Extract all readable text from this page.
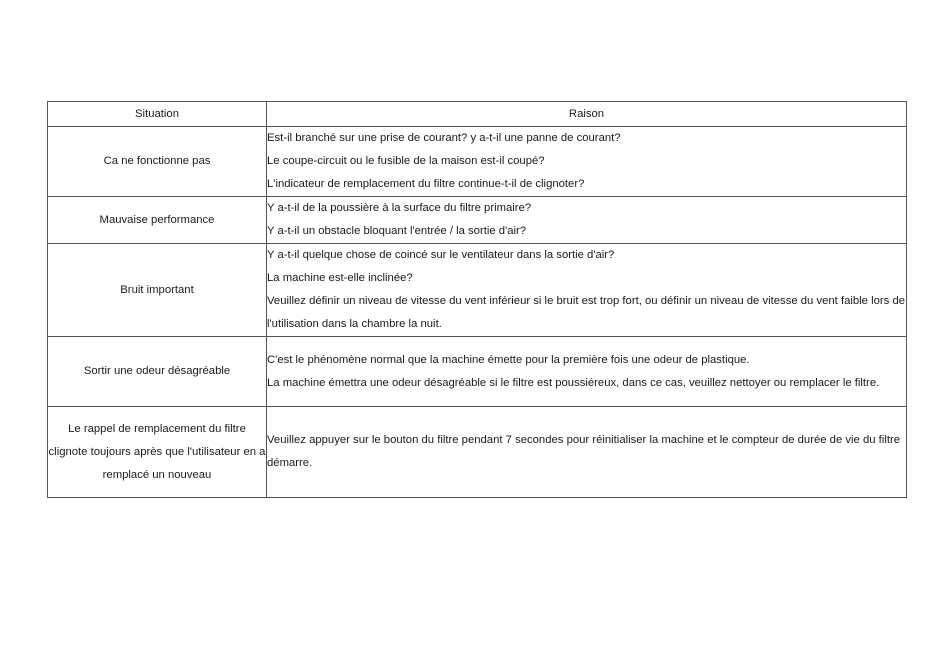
Situation	Raison

Ca ne fonctionne pas	Est-il branché sur une prise de courant? y a-t-il une panne de courant?
Le coupe-circuit ou le fusible de la maison est-il coupé?
L'indicateur de remplacement du filtre continue-t-il de clignoter?

Mauvaise performance	Y a-t-il de la poussière à la surface du filtre primaire?
Y a-t-il un obstacle bloquant l'entrée / la sortie d'air?

Bruit important	Y a-t-il quelque chose de coincé sur le ventilateur dans la sortie d'air?
La machine est-elle inclinée?
Veuillez définir un niveau de vitesse du vent inférieur si le bruit est trop fort, ou définir un niveau de vitesse du vent faible lors de l'utilisation dans la chambre la nuit.

Sortir une odeur désagréable	C'est le phénomène normal que la machine émette pour la première fois une odeur de plastique.
La machine émettra une odeur désagréable si le filtre est poussiéreux, dans ce cas, veuillez nettoyer ou remplacer le filtre.

Le rappel de remplacement du filtre clignote toujours après que l'utilisateur en a remplacé un nouveau	Veuillez appuyer sur le bouton du filtre pendant 7 secondes pour réinitialiser la machine et le compteur de durée de vie du filtre démarre.
